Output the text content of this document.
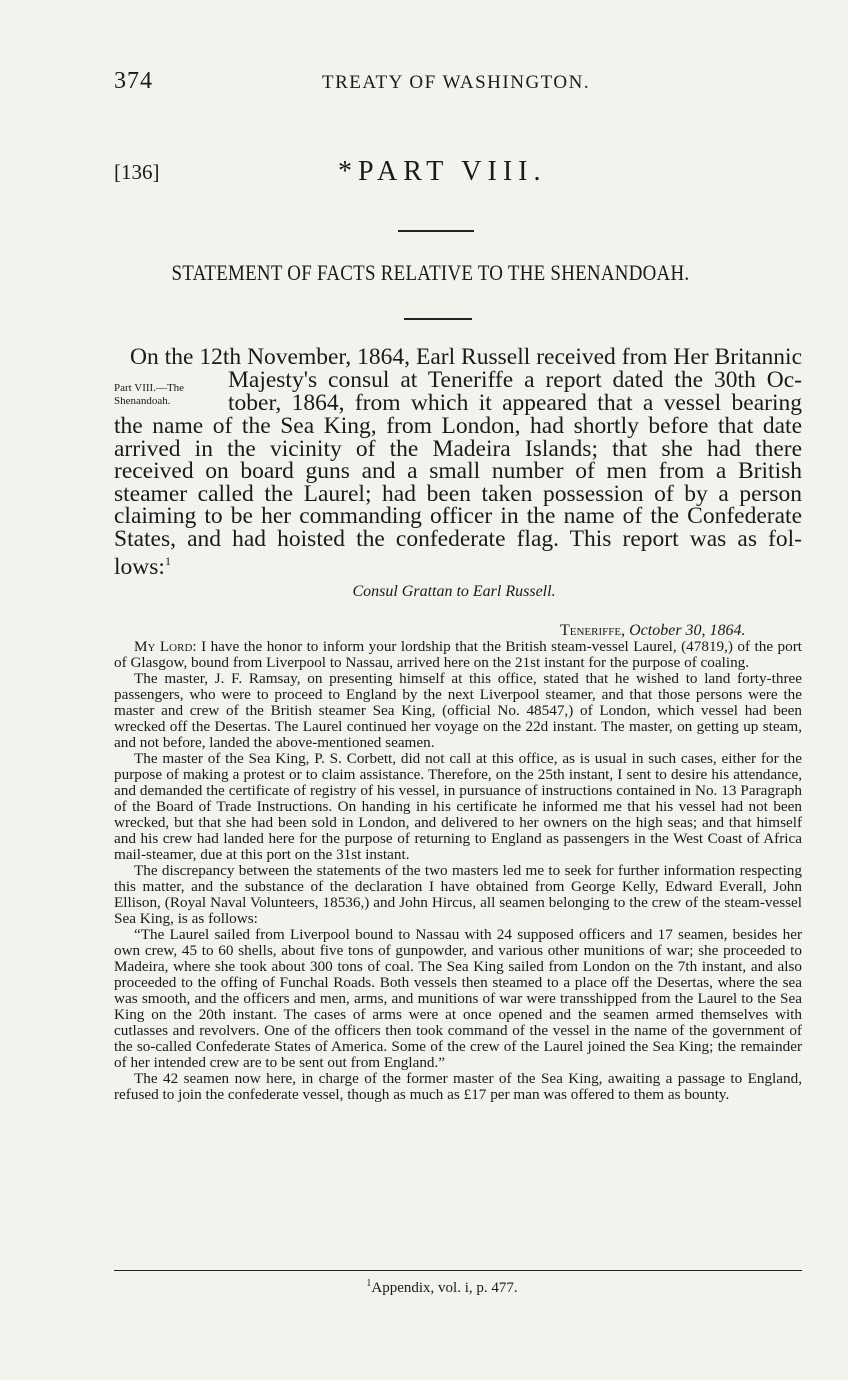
374	TREATY OF WASHINGTON.
[136]	*PART VIII.
STATEMENT OF FACTS RELATIVE TO THE SHENANDOAH.
Part VIII.—The Shenandoah.
On the 12th November, 1864, Earl Russell received from Her Britannic
Majesty's consul at Teneriffe a report dated the 30th Oc-
tober, 1864, from which it appeared that a vessel bearing
the name of the Sea King, from London, had shortly before that date
arrived in the vicinity of the Madeira Islands; that she had there
received on board guns and a small number of men from a British
steamer called the Laurel; had been taken possession of by a person
claiming to be her commanding officer in the name of the Confederate
States, and had hoisted the confederate flag. This report was as fol-
lows:$^1$
Consul Grattan to Earl Russell.
Teneriffe, October 30, 1864.

My Lord: I have the honor to inform your lordship that the British steam-vessel Laurel, (47819,) of the port of Glasgow, bound from Liverpool to Nassau, arrived here on the 21st instant for the purpose of coaling.

The master, J. F. Ramsay, on presenting himself at this office, stated that he wished to land forty-three passengers, who were to proceed to England by the next Liverpool steamer, and that those persons were the master and crew of the British steamer Sea King, (official No. 48547,) of London, which vessel had been wrecked off the Desertas. The Laurel continued her voyage on the 22d instant. The master, on getting up steam, and not before, landed the above-mentioned seamen.

The master of the Sea King, P. S. Corbett, did not call at this office, as is usual in such cases, either for the purpose of making a protest or to claim assistance. Therefore, on the 25th instant, I sent to desire his attendance, and demanded the certificate of registry of his vessel, in pursuance of instructions contained in No. 13 Paragraph of the Board of Trade Instructions. On handing in his certificate he informed me that his vessel had not been wrecked, but that she had been sold in London, and delivered to her owners on the high seas; and that himself and his crew had landed here for the purpose of returning to England as passengers in the West Coast of Africa mail-steamer, due at this port on the 31st instant.

The discrepancy between the statements of the two masters led me to seek for further information respecting this matter, and the substance of the declaration I have obtained from George Kelly, Edward Everall, John Ellison, (Royal Naval Volunteers, 18536,) and John Hircus, all seamen belonging to the crew of the steam-vessel Sea King, is as follows:

“The Laurel sailed from Liverpool bound to Nassau with 24 supposed officers and 17 seamen, besides her own crew, 45 to 60 shells, about five tons of gunpowder, and various other munitions of war; she proceeded to Madeira, where she took about 300 tons of coal. The Sea King sailed from London on the 7th instant, and also proceeded to the offing of Funchal Roads. Both vessels then steamed to a place off the Desertas, where the sea was smooth, and the officers and men, arms, and munitions of war were transshipped from the Laurel to the Sea King on the 20th instant. The cases of arms were at once opened and the seamen armed themselves with cutlasses and revolvers. One of the officers then took command of the vessel in the name of the government of the so-called Confederate States of America. Some of the crew of the Laurel joined the Sea King; the remainder of her intended crew are to be sent out from England.”

The 42 seamen now here, in charge of the former master of the Sea King, awaiting a passage to England, refused to join the confederate vessel, though as much as £17 per man was offered to them as bounty.

$^1$Appendix, vol. i, p. 477.
